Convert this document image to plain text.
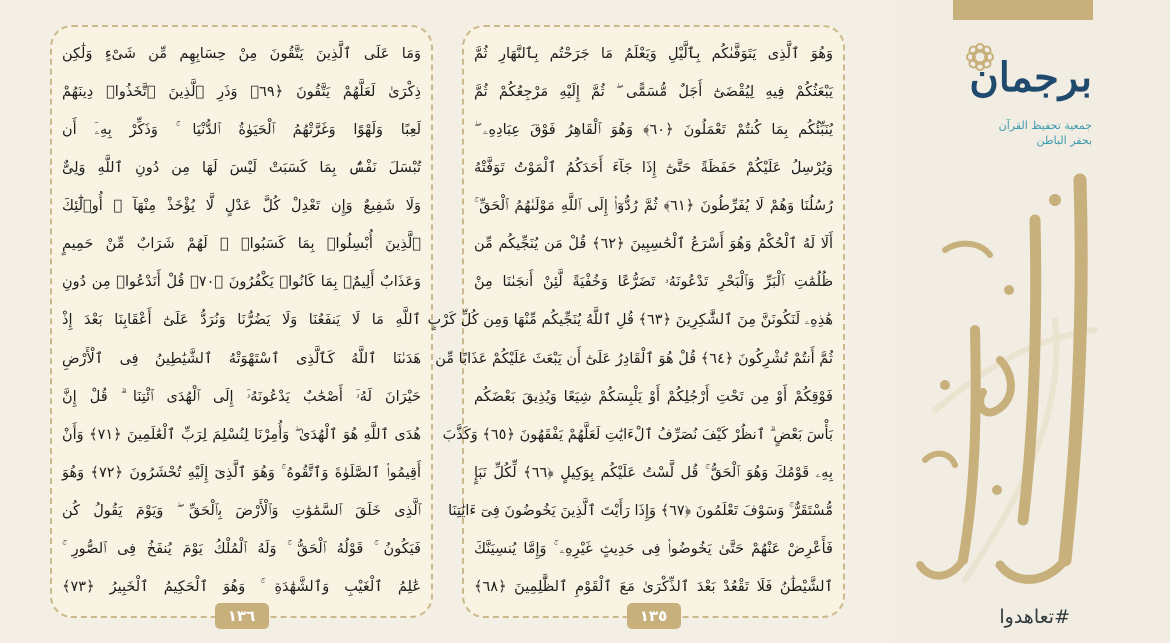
وَمَا عَلَى ٱلَّذِينَ يَتَّقُونَ مِنْ حِسَابِهِم مِّن شَىْءٍ وَلَٰكِن
ذِكْرَىٰ لَعَلَّهُمْ يَتَّقُونَ ﴿٦٩﴾ وَذَرِ ٱلَّذِينَ ٱتَّخَذُوا۟ دِينَهُمْ
لَعِبًا وَلَهْوًا وَغَرَّتْهُمُ ٱلْحَيَوٰةُ ٱلدُّنْيَا ۚ وَذَكِّرْ بِهِۦٓ أَن
تُبْسَلَ نَفْسٌۢ بِمَا كَسَبَتْ لَيْسَ لَهَا مِن دُونِ ٱللَّهِ وَلِىٌّ
وَلَا شَفِيعٌ وَإِن تَعْدِلْ كُلَّ عَدْلٍ لَّا يُؤْخَذْ مِنْهَآ ۗ أُو۟لَٰٓئِكَ
ٱلَّذِينَ أُبْسِلُوا۟ بِمَا كَسَبُوا۟ ۖ لَهُمْ شَرَابٌ مِّنْ حَمِيمٍ
وَعَذَابٌ أَلِيمٌۢ بِمَا كَانُوا۟ يَكْفُرُونَ ﴿٧٠﴾ قُلْ أَنَدْعُوا۟ مِن دُونِ
ٱللَّهِ مَا لَا يَنفَعُنَا وَلَا يَضُرُّنَا وَنُرَدُّ عَلَىٰٓ أَعْقَابِنَا بَعْدَ إِذْ
هَدَىٰنَا ٱللَّهُ كَٱلَّذِى ٱسْتَهْوَتْهُ ٱلشَّيَٰطِينُ فِى ٱلْأَرْضِ
حَيْرَانَ لَهُۥٓ أَصْحَٰبٌ يَدْعُونَهُۥٓ إِلَى ٱلْهُدَى ٱئْتِنَا ۗ قُلْ إِنَّ
هُدَى ٱللَّهِ هُوَ ٱلْهُدَىٰ ۖ وَأُمِرْنَا لِنُسْلِمَ لِرَبِّ ٱلْعَٰلَمِينَ ﴿٧١﴾ وَأَنْ
أَقِيمُوا۟ ٱلصَّلَوٰةَ وَٱتَّقُوهُ ۚ وَهُوَ ٱلَّذِىٓ إِلَيْهِ تُحْشَرُونَ ﴿٧٢﴾ وَهُوَ
ٱلَّذِى خَلَقَ ٱلسَّمَٰوَٰتِ وَٱلْأَرْضَ بِٱلْحَقِّ ۖ وَيَوْمَ يَقُولُ كُن
فَيَكُونُ ۚ قَوْلُهُ ٱلْحَقُّ ۚ وَلَهُ ٱلْمُلْكُ يَوْمَ يُنفَخُ فِى ٱلصُّورِ ۚ
عَٰلِمُ ٱلْغَيْبِ وَٱلشَّهَٰدَةِ ۚ وَهُوَ ٱلْحَكِيمُ ٱلْخَبِيرُ ﴿٧٣﴾
١٣٦
وَهُوَ ٱلَّذِى يَتَوَفَّىٰكُم بِٱلَّيْلِ وَيَعْلَمُ مَا جَرَحْتُم بِٱلنَّهَارِ ثُمَّ
يَبْعَثُكُمْ فِيهِ لِيُقْضَىٰٓ أَجَلٌ مُّسَمًّى ۖ ثُمَّ إِلَيْهِ مَرْجِعُكُمْ ثُمَّ
يُنَبِّئُكُم بِمَا كُنتُمْ تَعْمَلُونَ ﴿٦٠﴾ وَهُوَ ٱلْقَاهِرُ فَوْقَ عِبَادِهِۦ ۖ
وَيُرْسِلُ عَلَيْكُمْ حَفَظَةً حَتَّىٰٓ إِذَا جَآءَ أَحَدَكُمُ ٱلْمَوْتُ تَوَفَّتْهُ
رُسُلُنَا وَهُمْ لَا يُفَرِّطُونَ ﴿٦١﴾ ثُمَّ رُدُّوٓا۟ إِلَى ٱللَّهِ مَوْلَىٰهُمُ ٱلْحَقِّ ۚ
أَلَا لَهُ ٱلْحُكْمُ وَهُوَ أَسْرَعُ ٱلْحَٰسِبِينَ ﴿٦٢﴾ قُلْ مَن يُنَجِّيكُم مِّن
ظُلُمَٰتِ ٱلْبَرِّ وَٱلْبَحْرِ تَدْعُونَهُۥ تَضَرُّعًا وَخُفْيَةً لَّئِنْ أَنجَىٰنَا مِنْ
هَٰذِهِۦ لَنَكُونَنَّ مِنَ ٱلشَّٰكِرِينَ ﴿٦٣﴾ قُلِ ٱللَّهُ يُنَجِّيكُم مِّنْهَا وَمِن كُلِّ كَرْبٍ
ثُمَّ أَنتُمْ تُشْرِكُونَ ﴿٦٤﴾ قُلْ هُوَ ٱلْقَادِرُ عَلَىٰٓ أَن يَبْعَثَ عَلَيْكُمْ عَذَابًا مِّن
فَوْقِكُمْ أَوْ مِن تَحْتِ أَرْجُلِكُمْ أَوْ يَلْبِسَكُمْ شِيَعًا وَيُذِيقَ بَعْضَكُم
بَأْسَ بَعْضٍ ۗ ٱنظُرْ كَيْفَ نُصَرِّفُ ٱلْءَايَٰتِ لَعَلَّهُمْ يَفْقَهُونَ ﴿٦٥﴾ وَكَذَّبَ
بِهِۦ قَوْمُكَ وَهُوَ ٱلْحَقُّ ۚ قُل لَّسْتُ عَلَيْكُم بِوَكِيلٍ ﴿٦٦﴾ لِّكُلِّ نَبَإٍ
مُّسْتَقَرٌّ ۚ وَسَوْفَ تَعْلَمُونَ ﴿٦٧﴾ وَإِذَا رَأَيْتَ ٱلَّذِينَ يَخُوضُونَ فِىٓ ءَايَٰتِنَا
فَأَعْرِضْ عَنْهُمْ حَتَّىٰ يَخُوضُوا۟ فِى حَدِيثٍ غَيْرِهِۦ ۚ وَإِمَّا يُنسِيَنَّكَ
ٱلشَّيْطَٰنُ فَلَا تَقْعُدْ بَعْدَ ٱلذِّكْرَىٰ مَعَ ٱلْقَوْمِ ٱلظَّٰلِمِينَ ﴿٦٨﴾
١٣٥
برجمان
جمعية تحفيظ القرآن
بحفر الباطن
#تعاهدوا
